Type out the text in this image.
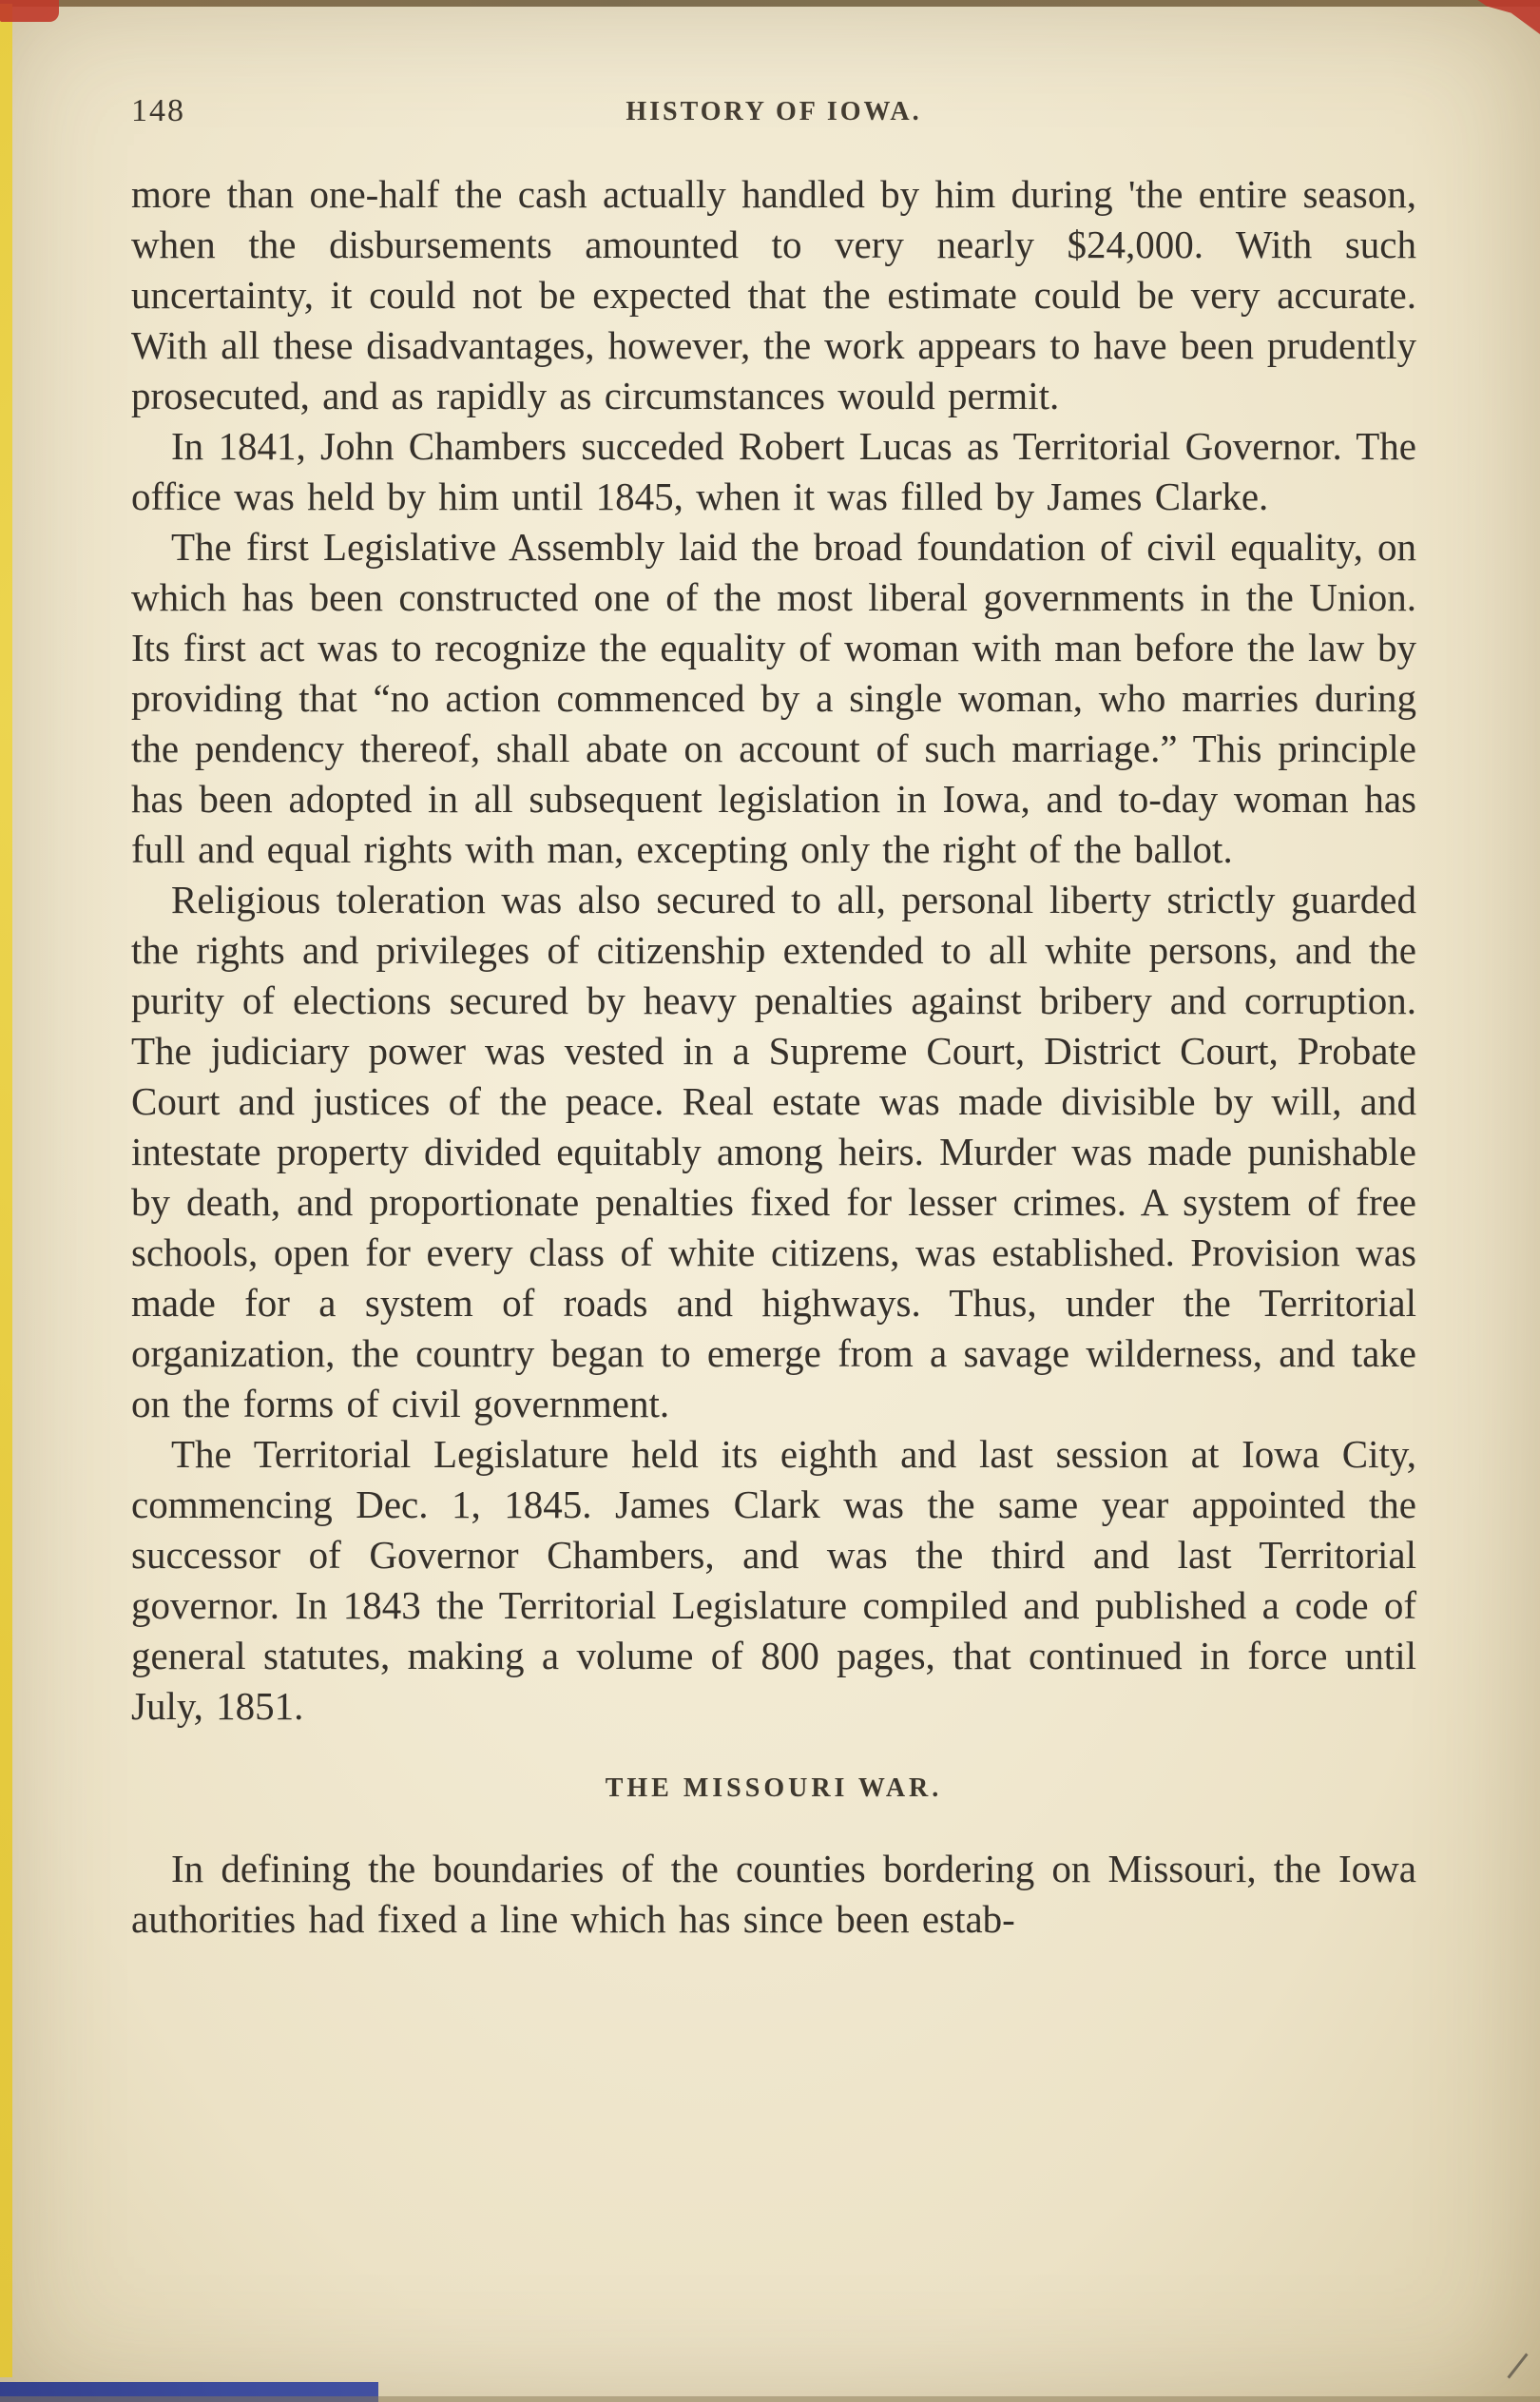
148	HISTORY OF IOWA.

more than one-half the cash actually handled by him during 'the entire season, when the disbursements amounted to very nearly $24,000. With such uncertainty, it could not be expected that the estimate could be very accurate. With all these disadvantages, however, the work appears to have been prudently prosecuted, and as rapidly as circumstances would permit.

In 1841, John Chambers succeded Robert Lucas as Territorial Governor. The office was held by him until 1845, when it was filled by James Clarke.

The first Legislative Assembly laid the broad foundation of civil equality, on which has been constructed one of the most liberal governments in the Union. Its first act was to recognize the equality of woman with man before the law by providing that “no action commenced by a single woman, who marries during the pendency thereof, shall abate on account of such marriage.” This principle has been adopted in all subsequent legislation in Iowa, and to-day woman has full and equal rights with man, excepting only the right of the ballot.

Religious toleration was also secured to all, personal liberty strictly guarded the rights and privileges of citizenship extended to all white persons, and the purity of elections secured by heavy penalties against bribery and corruption. The judiciary power was vested in a Supreme Court, District Court, Probate Court and justices of the peace. Real estate was made divisible by will, and intestate property divided equitably among heirs. Murder was made punishable by death, and proportionate penalties fixed for lesser crimes. A system of free schools, open for every class of white citizens, was established. Provision was made for a system of roads and highways. Thus, under the Territorial organization, the country began to emerge from a savage wilderness, and take on the forms of civil government.

The Territorial Legislature held its eighth and last session at Iowa City, commencing Dec. 1, 1845. James Clark was the same year appointed the successor of Governor Chambers, and was the third and last Territorial governor. In 1843 the Territorial Legislature compiled and published a code of general statutes, making a volume of 800 pages, that continued in force until July, 1851.

THE MISSOURI WAR.

In defining the boundaries of the counties bordering on Missouri, the Iowa authorities had fixed a line which has since been estab-
